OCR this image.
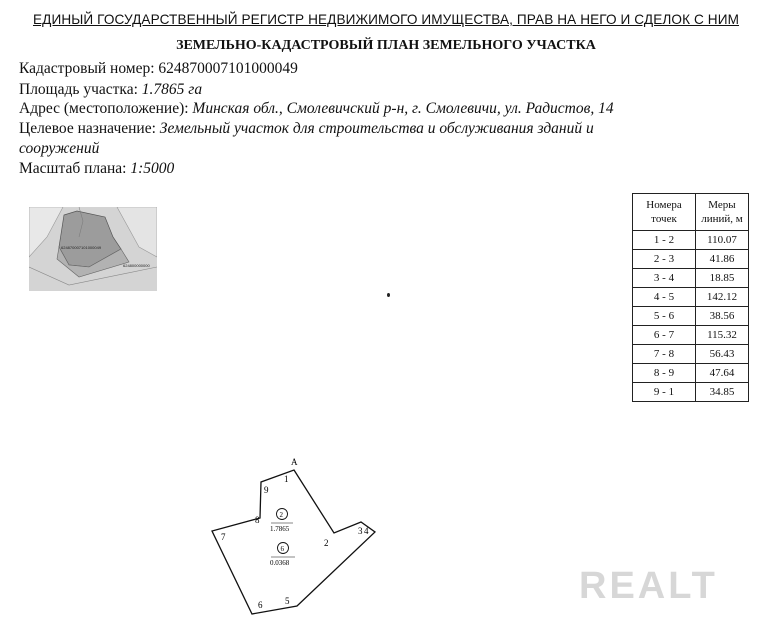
ЕДИНЫЙ ГОСУДАРСТВЕННЫЙ РЕГИСТР НЕДВИЖИМОГО ИМУЩЕСТВА, ПРАВ НА НЕГО И СДЕЛОК С НИМ
ЗЕМЕЛЬНО-КАДАСТРОВЫЙ ПЛАН ЗЕМЕЛЬНОГО УЧАСТКА
Кадастровый номер: 624870007101000049
Площадь участка: 1.7865 га
Адрес (местоположение): Минская обл., Смолевичский р-н, г. Смолевичи, ул. Радистов, 14
Целевое назначение: Земельный участок для строительства и обслуживания зданий и
сооружений
Масштаб плана: 1:5000
624870007101000049
624800000000
Номера
точек	Меры
линий, м
1 - 2	110.07
2 - 3	41.86
3 - 4	18.85
4 - 5	142.12
5 - 6	38.56
6 - 7	115.32
7 - 8	56.43
8 - 9	47.64
9 - 1	34.85
A
1
2
3 4
5
6
7
8
9
2
1.7865
6
0.0368
REALT
